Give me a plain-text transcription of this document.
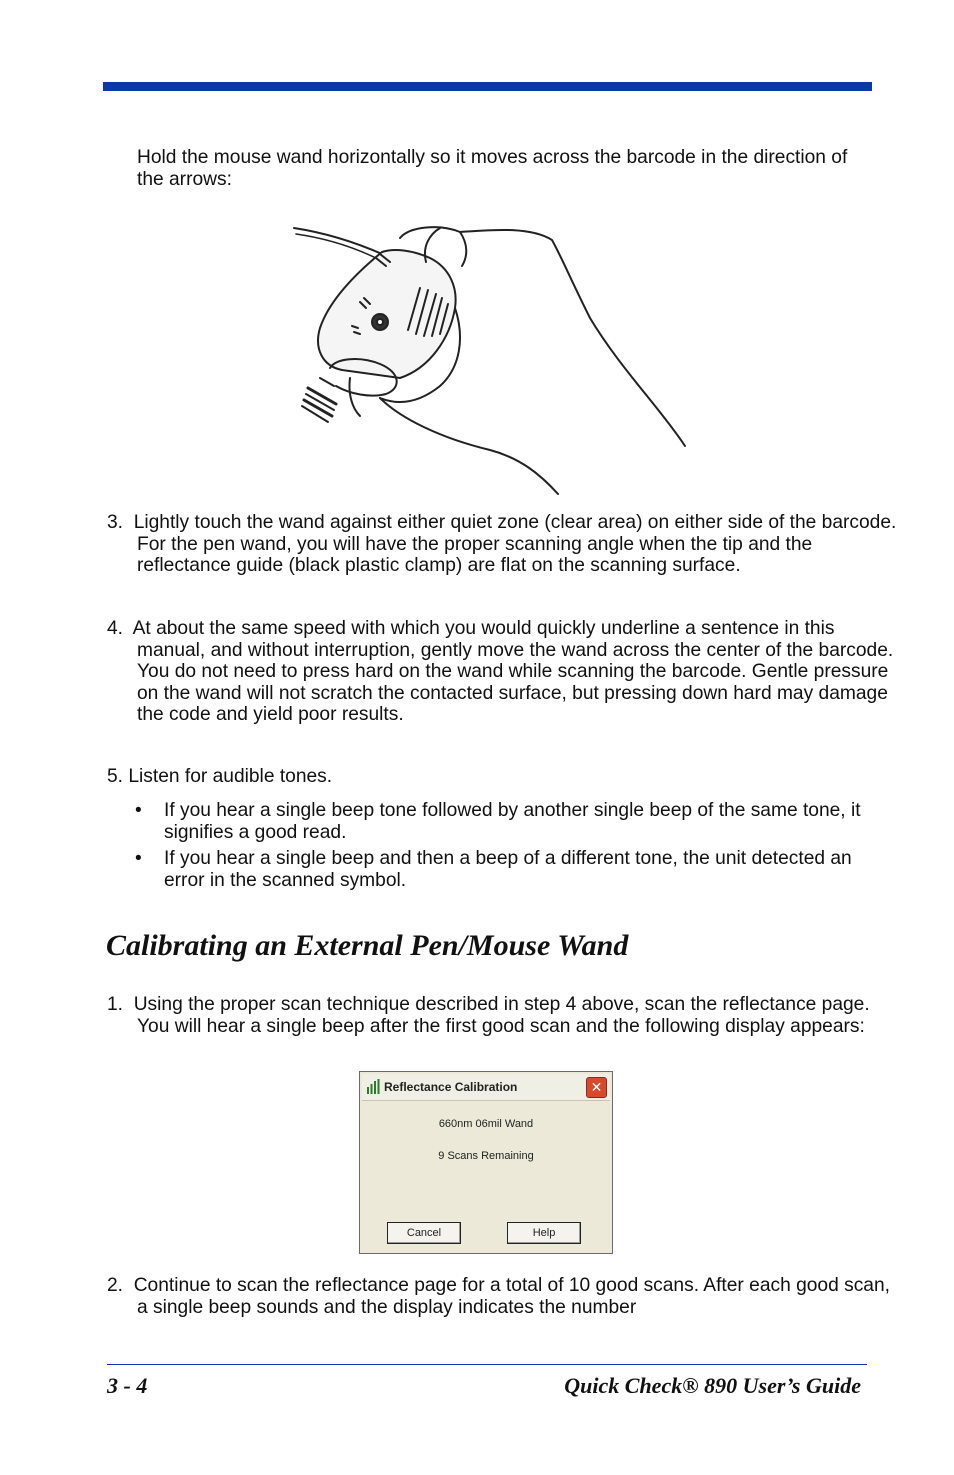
Hold the mouse wand horizontally so it moves across the barcode in the direction of the arrows:

3. Lightly touch the wand against either quiet zone (clear area) on either side of the barcode. For the pen wand, you will have the proper scanning angle when the tip and the reflectance guide (black plastic clamp) are flat on the scanning surface.

4. At about the same speed with which you would quickly underline a sentence in this manual, and without interruption, gently move the wand across the center of the barcode. You do not need to press hard on the wand while scanning the barcode. Gentle pressure on the wand will not scratch the contacted surface, but pressing down hard may damage the code and yield poor results.

5. Listen for audible tones.

• If you hear a single beep tone followed by another single beep of the same tone, it signifies a good read.
• If you hear a single beep and then a beep of a different tone, the unit detected an error in the scanned symbol.
Calibrating an External Pen/Mouse Wand

1. Using the proper scan technique described in step 4 above, scan the reflectance page. You will hear a single beep after the first good scan and the following display appears:

Reflectance Calibration	✕
660nm 06mil Wand
9 Scans Remaining
Cancel	Help

2. Continue to scan the reflectance page for a total of 10 good scans. After each good scan, a single beep sounds and the display indicates the number

3 - 4	Quick Check® 890 User’s Guide
